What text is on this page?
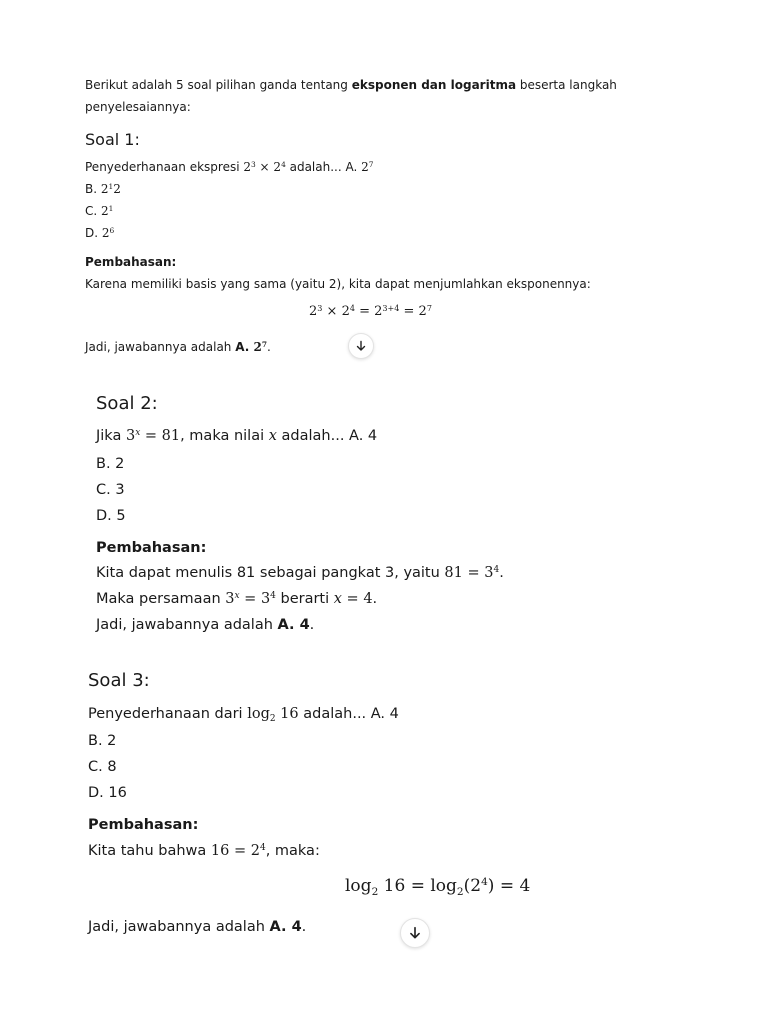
Berikut adalah 5 soal pilihan ganda tentang eksponen dan logaritma beserta langkah
penyelesaiannya:
Soal 1:
Penyederhanaan ekspresi $2^3 \times 2^4$ adalah... A. $2^7$
B. $2^12$
C. $2^1$
D. $2^6$
Pembahasan:
Karena memiliki basis yang sama (yaitu 2), kita dapat menjumlahkan eksponennya:
$2^3 \times 2^4 = 2^{3+4} = 2^7$
Jadi, jawabannya adalah A. $2^7$.
Soal 2:
Jika $3^x = 81$, maka nilai x adalah... A. 4
B. 2
C. 3
D. 5
Pembahasan:
Kita dapat menulis 81 sebagai pangkat 3, yaitu $81 = 3^4$.
Maka persamaan $3^x = 3^4$ berarti x = 4.
Jadi, jawabannya adalah A. 4.
Soal 3:
Penyederhanaan dari $\log_2 16$ adalah... A. 4
B. 2
C. 8
D. 16
Pembahasan:
Kita tahu bahwa $16 = 2^4$, maka:
$\log_2 16 = \log_2(2^4) = 4$
Jadi, jawabannya adalah A. 4.
